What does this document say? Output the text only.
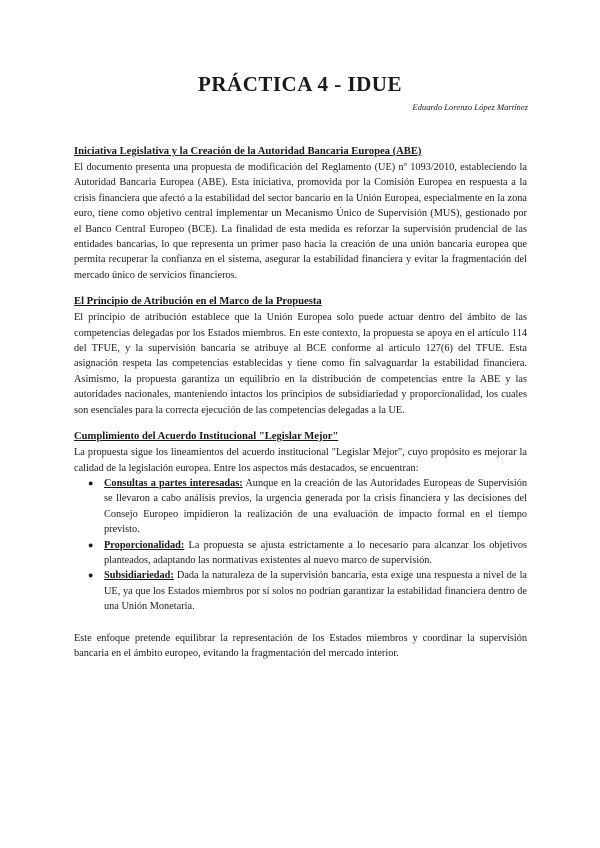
PRÁCTICA 4 - IDUE
Eduardo Lorenzo López Martínez
Iniciativa Legislativa y la Creación de la Autoridad Bancaria Europea (ABE)

El documento presenta una propuesta de modificación del Reglamento (UE) nº 1093/2010, estableciendo la Autoridad Bancaria Europea (ABE). Esta iniciativa, promovida por la Comisión Europea en respuesta a la crisis financiera que afectó a la estabilidad del sector bancario en la Unión Europea, especialmente en la zona euro, tiene como objetivo central implementar un Mecanismo Único de Supervisión (MUS), gestionado por el Banco Central Europeo (BCE). La finalidad de esta medida es reforzar la supervisión prudencial de las entidades bancarias, lo que representa un primer paso hacia la creación de una unión bancaria europea que permita recuperar la confianza en el sistema, asegurar la estabilidad financiera y evitar la fragmentación del mercado único de servicios financieros.

El Principio de Atribución en el Marco de la Propuesta

El principio de atribución establece que la Unión Europea solo puede actuar dentro del ámbito de las competencias delegadas por los Estados miembros. En este contexto, la propuesta se apoya en el artículo 114 del TFUE, y la supervisión bancaria se atribuye al BCE conforme al artículo 127(6) del TFUE. Esta asignación respeta las competencias establecidas y tiene como fin salvaguardar la estabilidad financiera. Asimismo, la propuesta garantiza un equilibrio en la distribución de competencias entre la ABE y las autoridades nacionales, manteniendo intactos los principios de subsidiariedad y proporcionalidad, los cuales son esenciales para la correcta ejecución de las competencias delegadas a la UE.

Cumplimiento del Acuerdo Institucional "Legislar Mejor"

La propuesta sigue los lineamientos del acuerdo institucional "Legislar Mejor", cuyo propósito es mejorar la calidad de la legislación europea. Entre los aspectos más destacados, se encuentran:

● Consultas a partes interesadas: Aunque en la creación de las Autoridades Europeas de Supervisión se llevaron a cabo análisis previos, la urgencia generada por la crisis financiera y las decisiones del Consejo Europeo impidieron la realización de una evaluación de impacto formal en el tiempo previsto.
● Proporcionalidad: La propuesta se ajusta estrictamente a lo necesario para alcanzar los objetivos planteados, adaptando las normativas existentes al nuevo marco de supervisión.
● Subsidiariedad: Dada la naturaleza de la supervisión bancaria, esta exige una respuesta a nivel de la UE, ya que los Estados miembros por sí solos no podrían garantizar la estabilidad financiera dentro de una Unión Monetaria.

Este enfoque pretende equilibrar la representación de los Estados miembros y coordinar la supervisión bancaria en el ámbito europeo, evitando la fragmentación del mercado interior.
